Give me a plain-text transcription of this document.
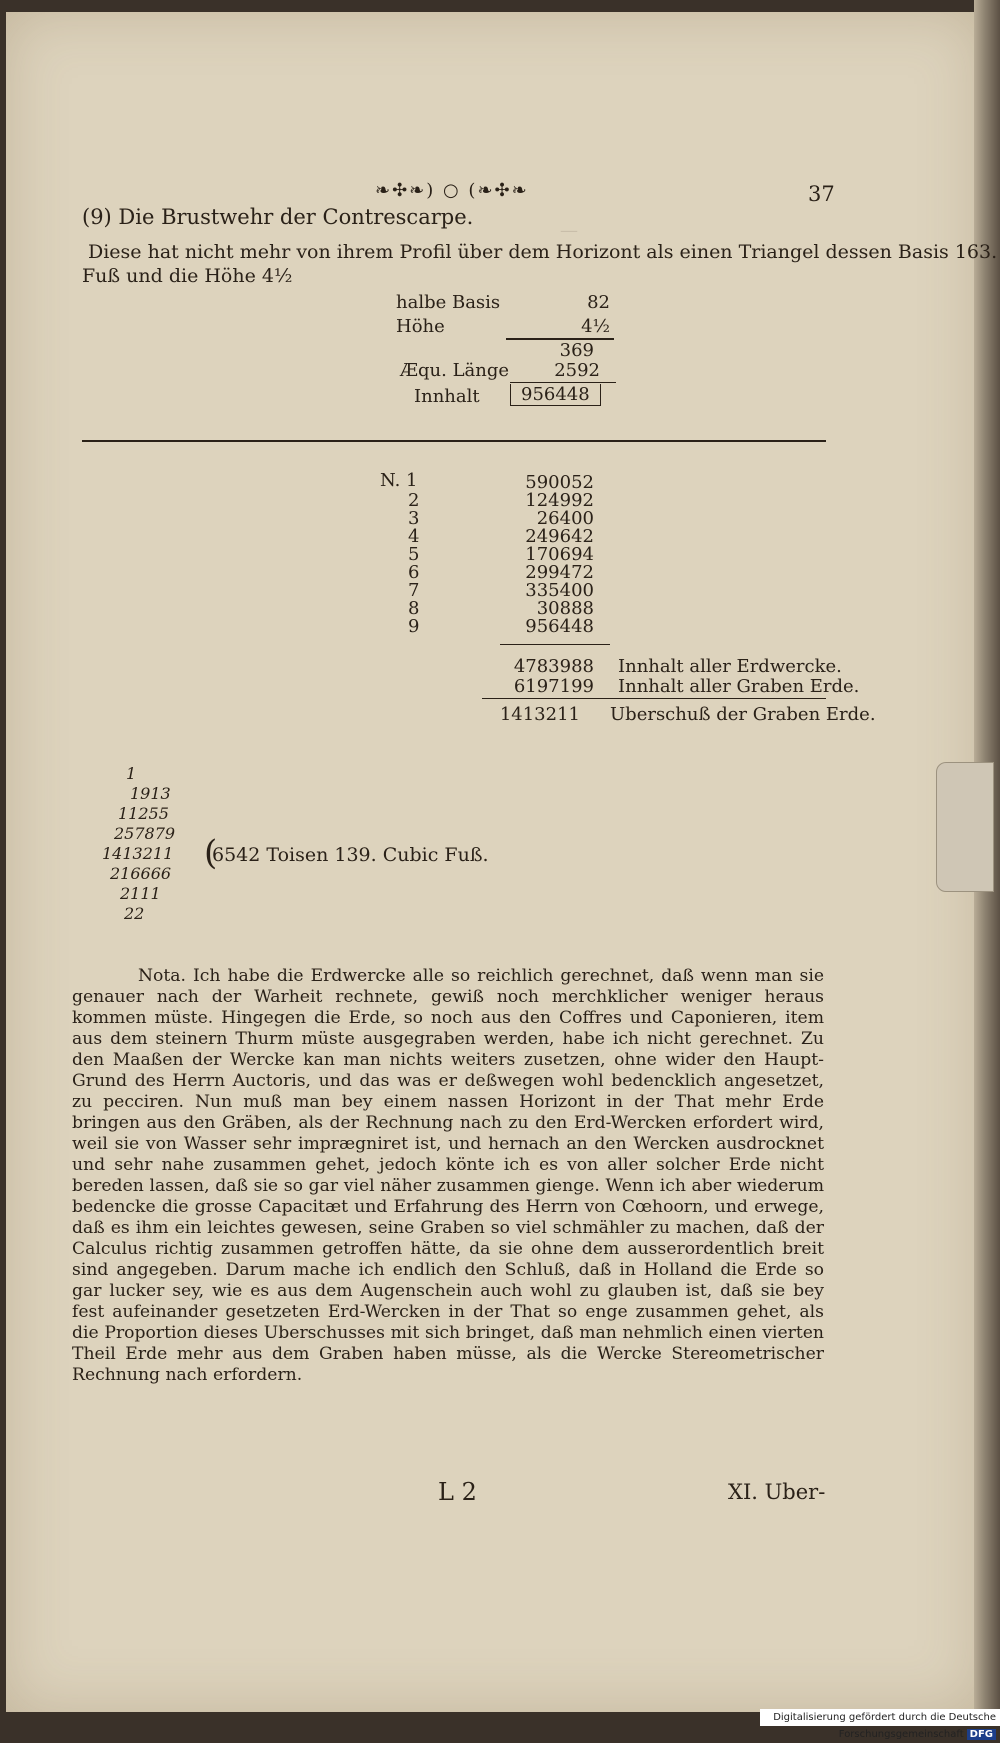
❧✣❧) ○ (❧✣❧	37
(9) Die Brustwehr der Contrescarpe.
Diese hat nicht mehr von ihrem Profil über dem Horizont als einen Triangel dessen Basis 163.
Fuß und die Höhe 4½
halbe Basis	82
Höhe	4½
369
Æqu. Länge	2592
Innhalt	956448
N. 1	590052
2	124992
3	26400
4	249642
5	170694
6	299472
7	335400
8	30888
9	956448
4783988 Innhalt aller Erdwercke.
6197199 Innhalt aller Graben Erde.
1413211 Uberschuß der Graben Erde.
1
1913
11255
257879
1413211
216666
2111
22
(
6542 Toisen 139. Cubic Fuß.

Nota. Ich habe die Erdwercke alle so reichlich gerechnet, daß wenn man sie genauer nach der Warheit rechnete, gewiß noch merchklicher weniger heraus kommen müste. Hingegen die Erde, so noch aus den Coffres und Caponieren, item aus dem steinern Thurm müste ausgegraben werden, habe ich nicht gerechnet. Zu den Maaßen der Wercke kan man nichts weiters zusetzen, ohne wider den Haupt-Grund des Herrn Auctoris, und das was er deßwegen wohl bedencklich angesetzet, zu pecciren. Nun muß man bey einem nassen Horizont in der That mehr Erde bringen aus den Gräben, als der Rechnung nach zu den Erd-Wercken erfordert wird, weil sie von Wasser sehr imprægniret ist, und hernach an den Wercken ausdrocknet und sehr nahe zusammen gehet, jedoch könte ich es von aller solcher Erde nicht bereden lassen, daß sie so gar viel näher zusammen gienge. Wenn ich aber wiederum bedencke die grosse Capacitæt und Erfahrung des Herrn von Cœhoorn, und erwege, daß es ihm ein leichtes gewesen, seine Graben so viel schmähler zu machen, daß der Calculus richtig zusammen getroffen hätte, da sie ohne dem ausserordentlich breit sind angegeben. Darum mache ich endlich den Schluß, daß in Holland die Erde so gar lucker sey, wie es aus dem Augenschein auch wohl zu glauben ist, daß sie bey fest aufeinander gesetzeten Erd-Wercken in der That so enge zusammen gehet, als die Proportion dieses Uberschusses mit sich bringet, daß man nehmlich einen vierten Theil Erde mehr aus dem Graben haben müsse, als die Wercke Stereometrischer Rechnung nach erfordern.

—
L 2	XI. Uber-
Digitalisierung gefördert durch die Deutsche Forschungsgemeinschaft DFG
